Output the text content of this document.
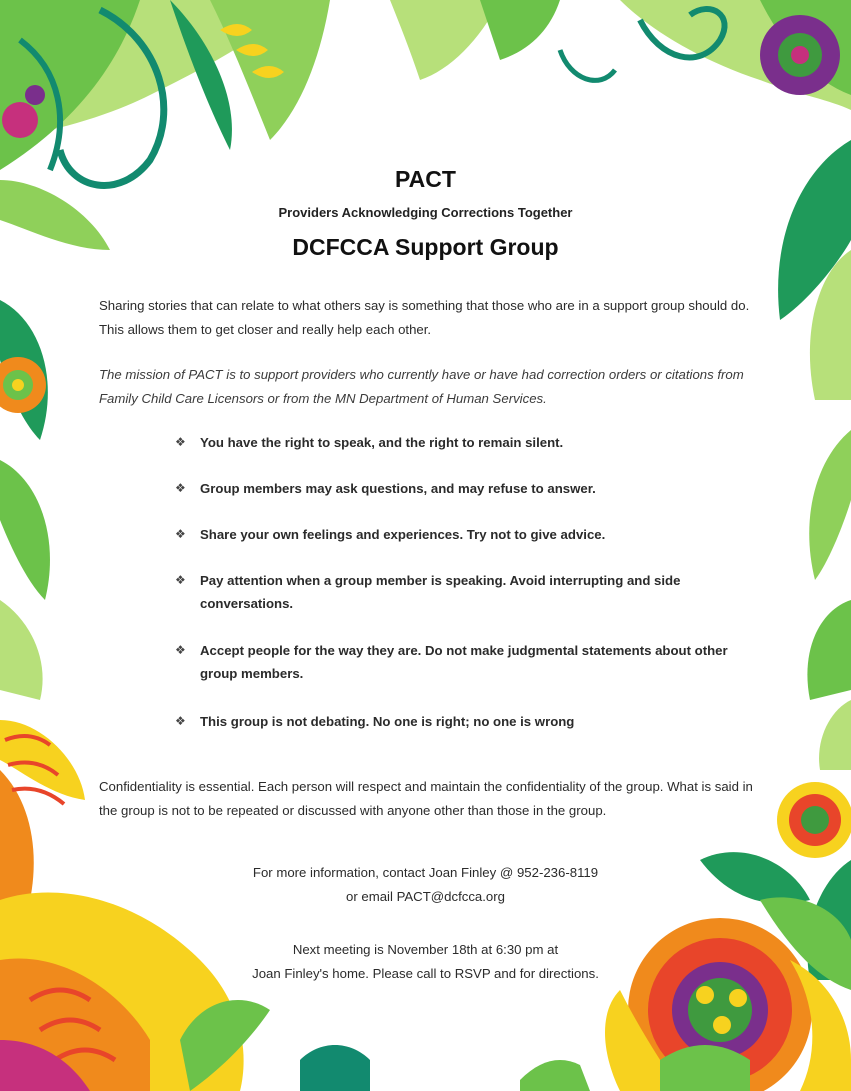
PACT

Providers Acknowledging Corrections Together

DCFCCA Support Group

Sharing stories that can relate to what others say is something that those who are in a support group should do. This allows them to get closer and really help each other.

The mission of PACT is to support providers who currently have or have had correction orders or citations from Family Child Care Licensors or from the MN Department of Human Services.

❖	You have the right to speak, and the right to remain silent.
❖	Group members may ask questions, and may refuse to answer.
❖	Share your own feelings and experiences. Try not to give advice.
❖	Pay attention when a group member is speaking. Avoid interrupting and side conversations.
❖	Accept people for the way they are. Do not make judgmental statements about other group members.
❖	This group is not debating. No one is right; no one is wrong

Confidentiality is essential. Each person will respect and maintain the confidentiality of the group. What is said in the group is not to be repeated or discussed with anyone other than those in the group.

For more information, contact Joan Finley @ 952-236-8119

or email PACT@dcfcca.org

Next meeting is November 18th at 6:30 pm at

Joan Finley's home. Please call to RSVP and for directions.
